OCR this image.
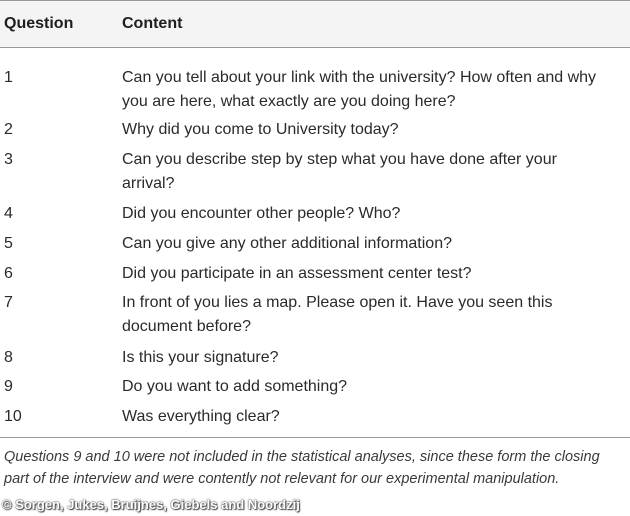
Question	Content
1	Can you tell about your link with the university? How often and why you are here, what exactly are you doing here?
2	Why did you come to University today?
3	Can you describe step by step what you have done after your arrival?
4	Did you encounter other people? Who?
5	Can you give any other additional information?
6	Did you participate in an assessment center test?
7	In front of you lies a map. Please open it. Have you seen this document before?
8	Is this your signature?
9	Do you want to add something?
10	Was everything clear?
Questions 9 and 10 were not included in the statistical analyses, since these form the closing part of the interview and were contently not relevant for our experimental manipulation.
© Sorgen, Jukes, Bruijnes, Giebels and Noordzij
